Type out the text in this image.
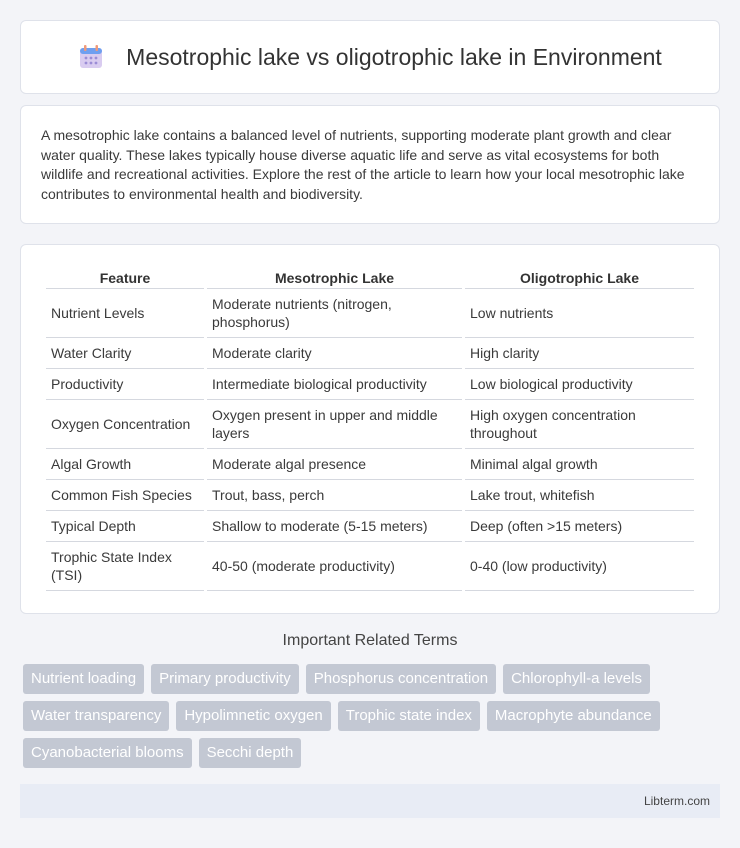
Mesotrophic lake vs oligotrophic lake in Environment

A mesotrophic lake contains a balanced level of nutrients, supporting moderate plant growth and clear water quality. These lakes typically house diverse aquatic life and serve as vital ecosystems for both wildlife and recreational activities. Explore the rest of the article to learn how your local mesotrophic lake contributes to environmental health and biodiversity.

Feature	Mesotrophic Lake	Oligotrophic Lake
Nutrient Levels	Moderate nutrients (nitrogen, phosphorus)	Low nutrients
Water Clarity	Moderate clarity	High clarity
Productivity	Intermediate biological productivity	Low biological productivity
Oxygen Concentration	Oxygen present in upper and middle layers	High oxygen concentration throughout
Algal Growth	Moderate algal presence	Minimal algal growth
Common Fish Species	Trout, bass, perch	Lake trout, whitefish
Typical Depth	Shallow to moderate (5-15 meters)	Deep (often >15 meters)
Trophic State Index (TSI)	40-50 (moderate productivity)	0-40 (low productivity)
Important Related Terms
Nutrient loading	Primary productivity	Phosphorus concentration	Chlorophyll-a levels
Water transparency	Hypolimnetic oxygen	Trophic state index	Macrophyte abundance
Cyanobacterial blooms	Secchi depth
Libterm.com
